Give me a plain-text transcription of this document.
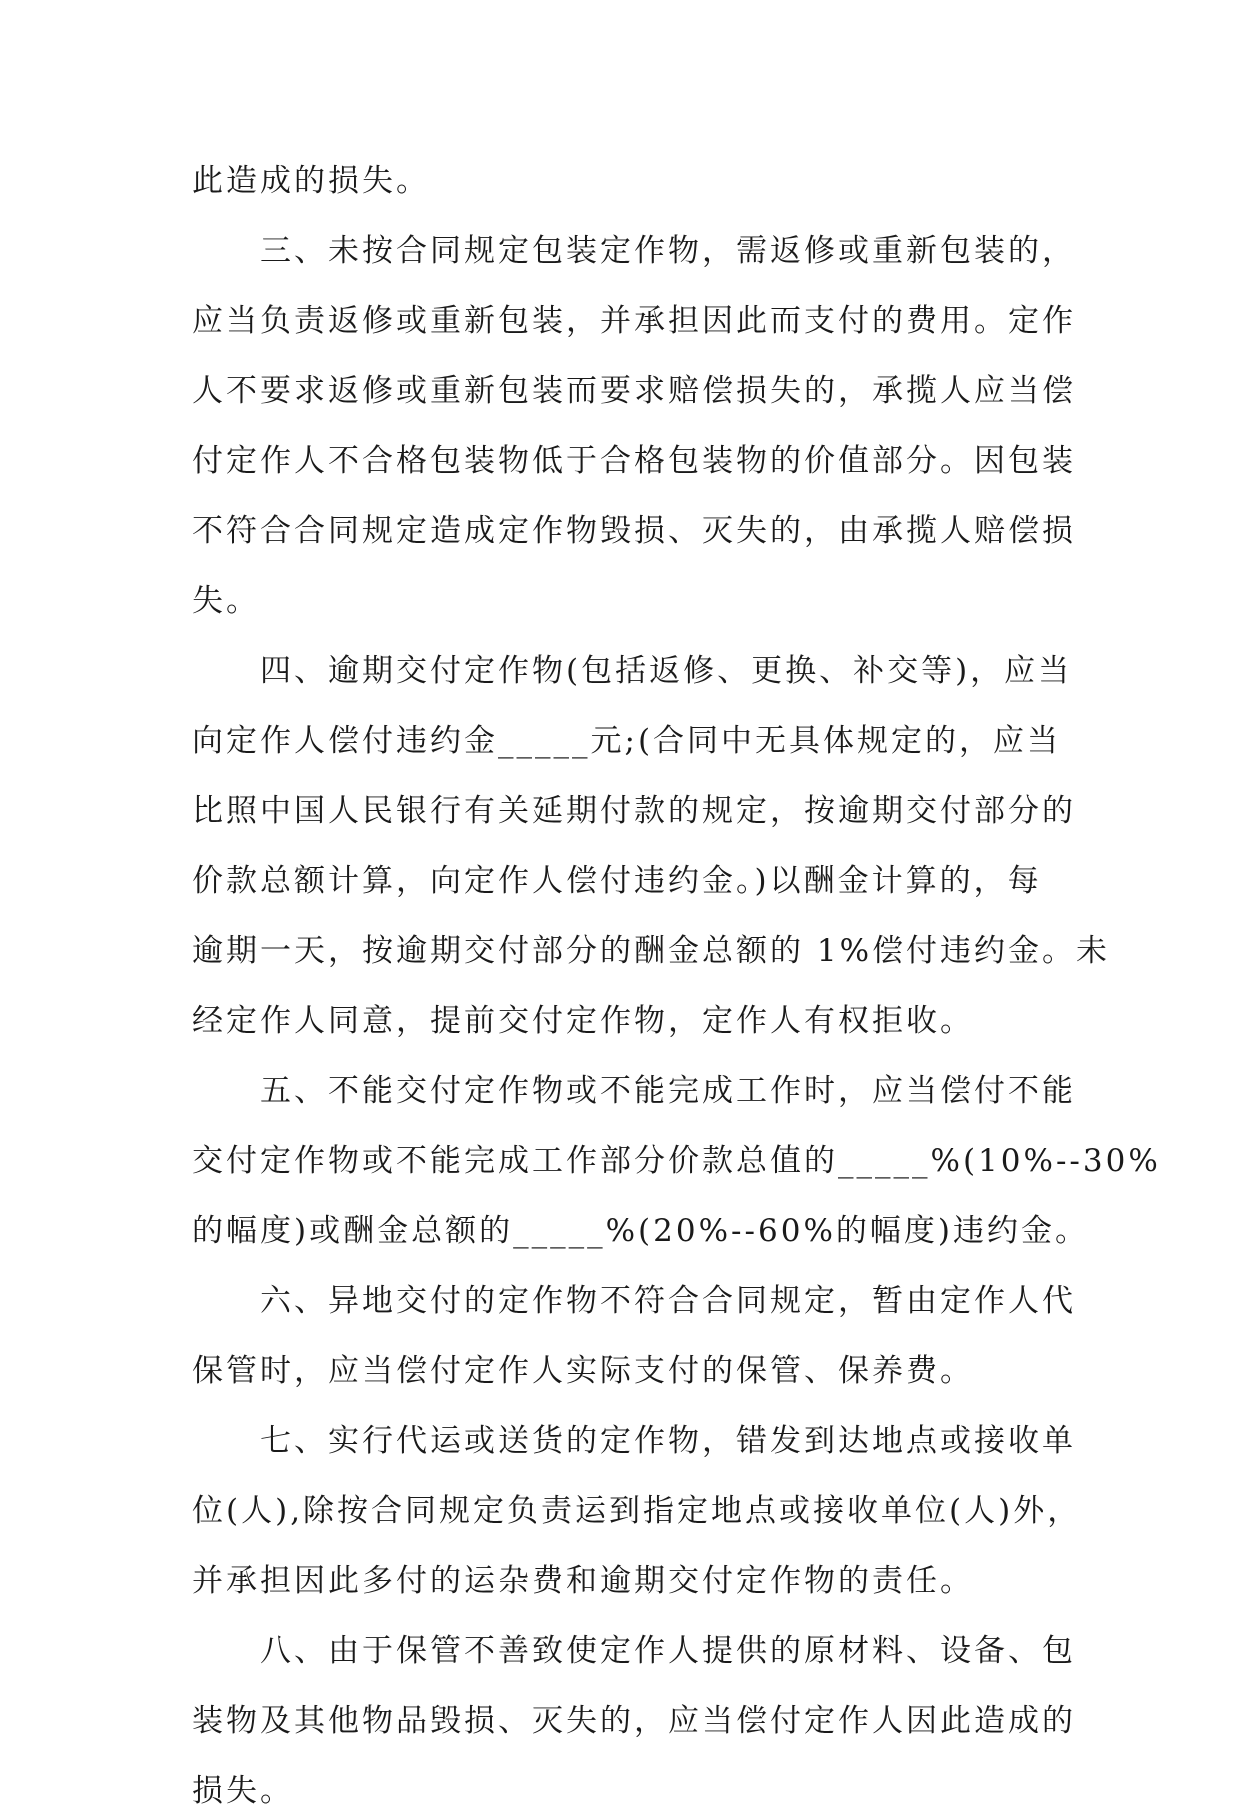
此造成的损失。
　　三、未按合同规定包装定作物，需返修或重新包装的，
应当负责返修或重新包装，并承担因此而支付的费用。定作
人不要求返修或重新包装而要求赔偿损失的，承揽人应当偿
付定作人不合格包装物低于合格包装物的价值部分。因包装
不符合合同规定造成定作物毁损、灭失的，由承揽人赔偿损
失。
　　四、逾期交付定作物(包括返修、更换、补交等)，应当
向定作人偿付违约金_____元;(合同中无具体规定的，应当
比照中国人民银行有关延期付款的规定，按逾期交付部分的
价款总额计算，向定作人偿付违约金。)以酬金计算的，每
逾期一天，按逾期交付部分的酬金总额的 1%偿付违约金。未
经定作人同意，提前交付定作物，定作人有权拒收。
　　五、不能交付定作物或不能完成工作时，应当偿付不能
交付定作物或不能完成工作部分价款总值的_____%(10%--30%
的幅度)或酬金总额的_____%(20%--60%的幅度)违约金。
　　六、异地交付的定作物不符合合同规定，暂由定作人代
保管时，应当偿付定作人实际支付的保管、保养费。
　　七、实行代运或送货的定作物，错发到达地点或接收单
位(人),除按合同规定负责运到指定地点或接收单位(人)外，
并承担因此多付的运杂费和逾期交付定作物的责任。
　　八、由于保管不善致使定作人提供的原材料、设备、包
装物及其他物品毁损、灭失的，应当偿付定作人因此造成的
损失。
